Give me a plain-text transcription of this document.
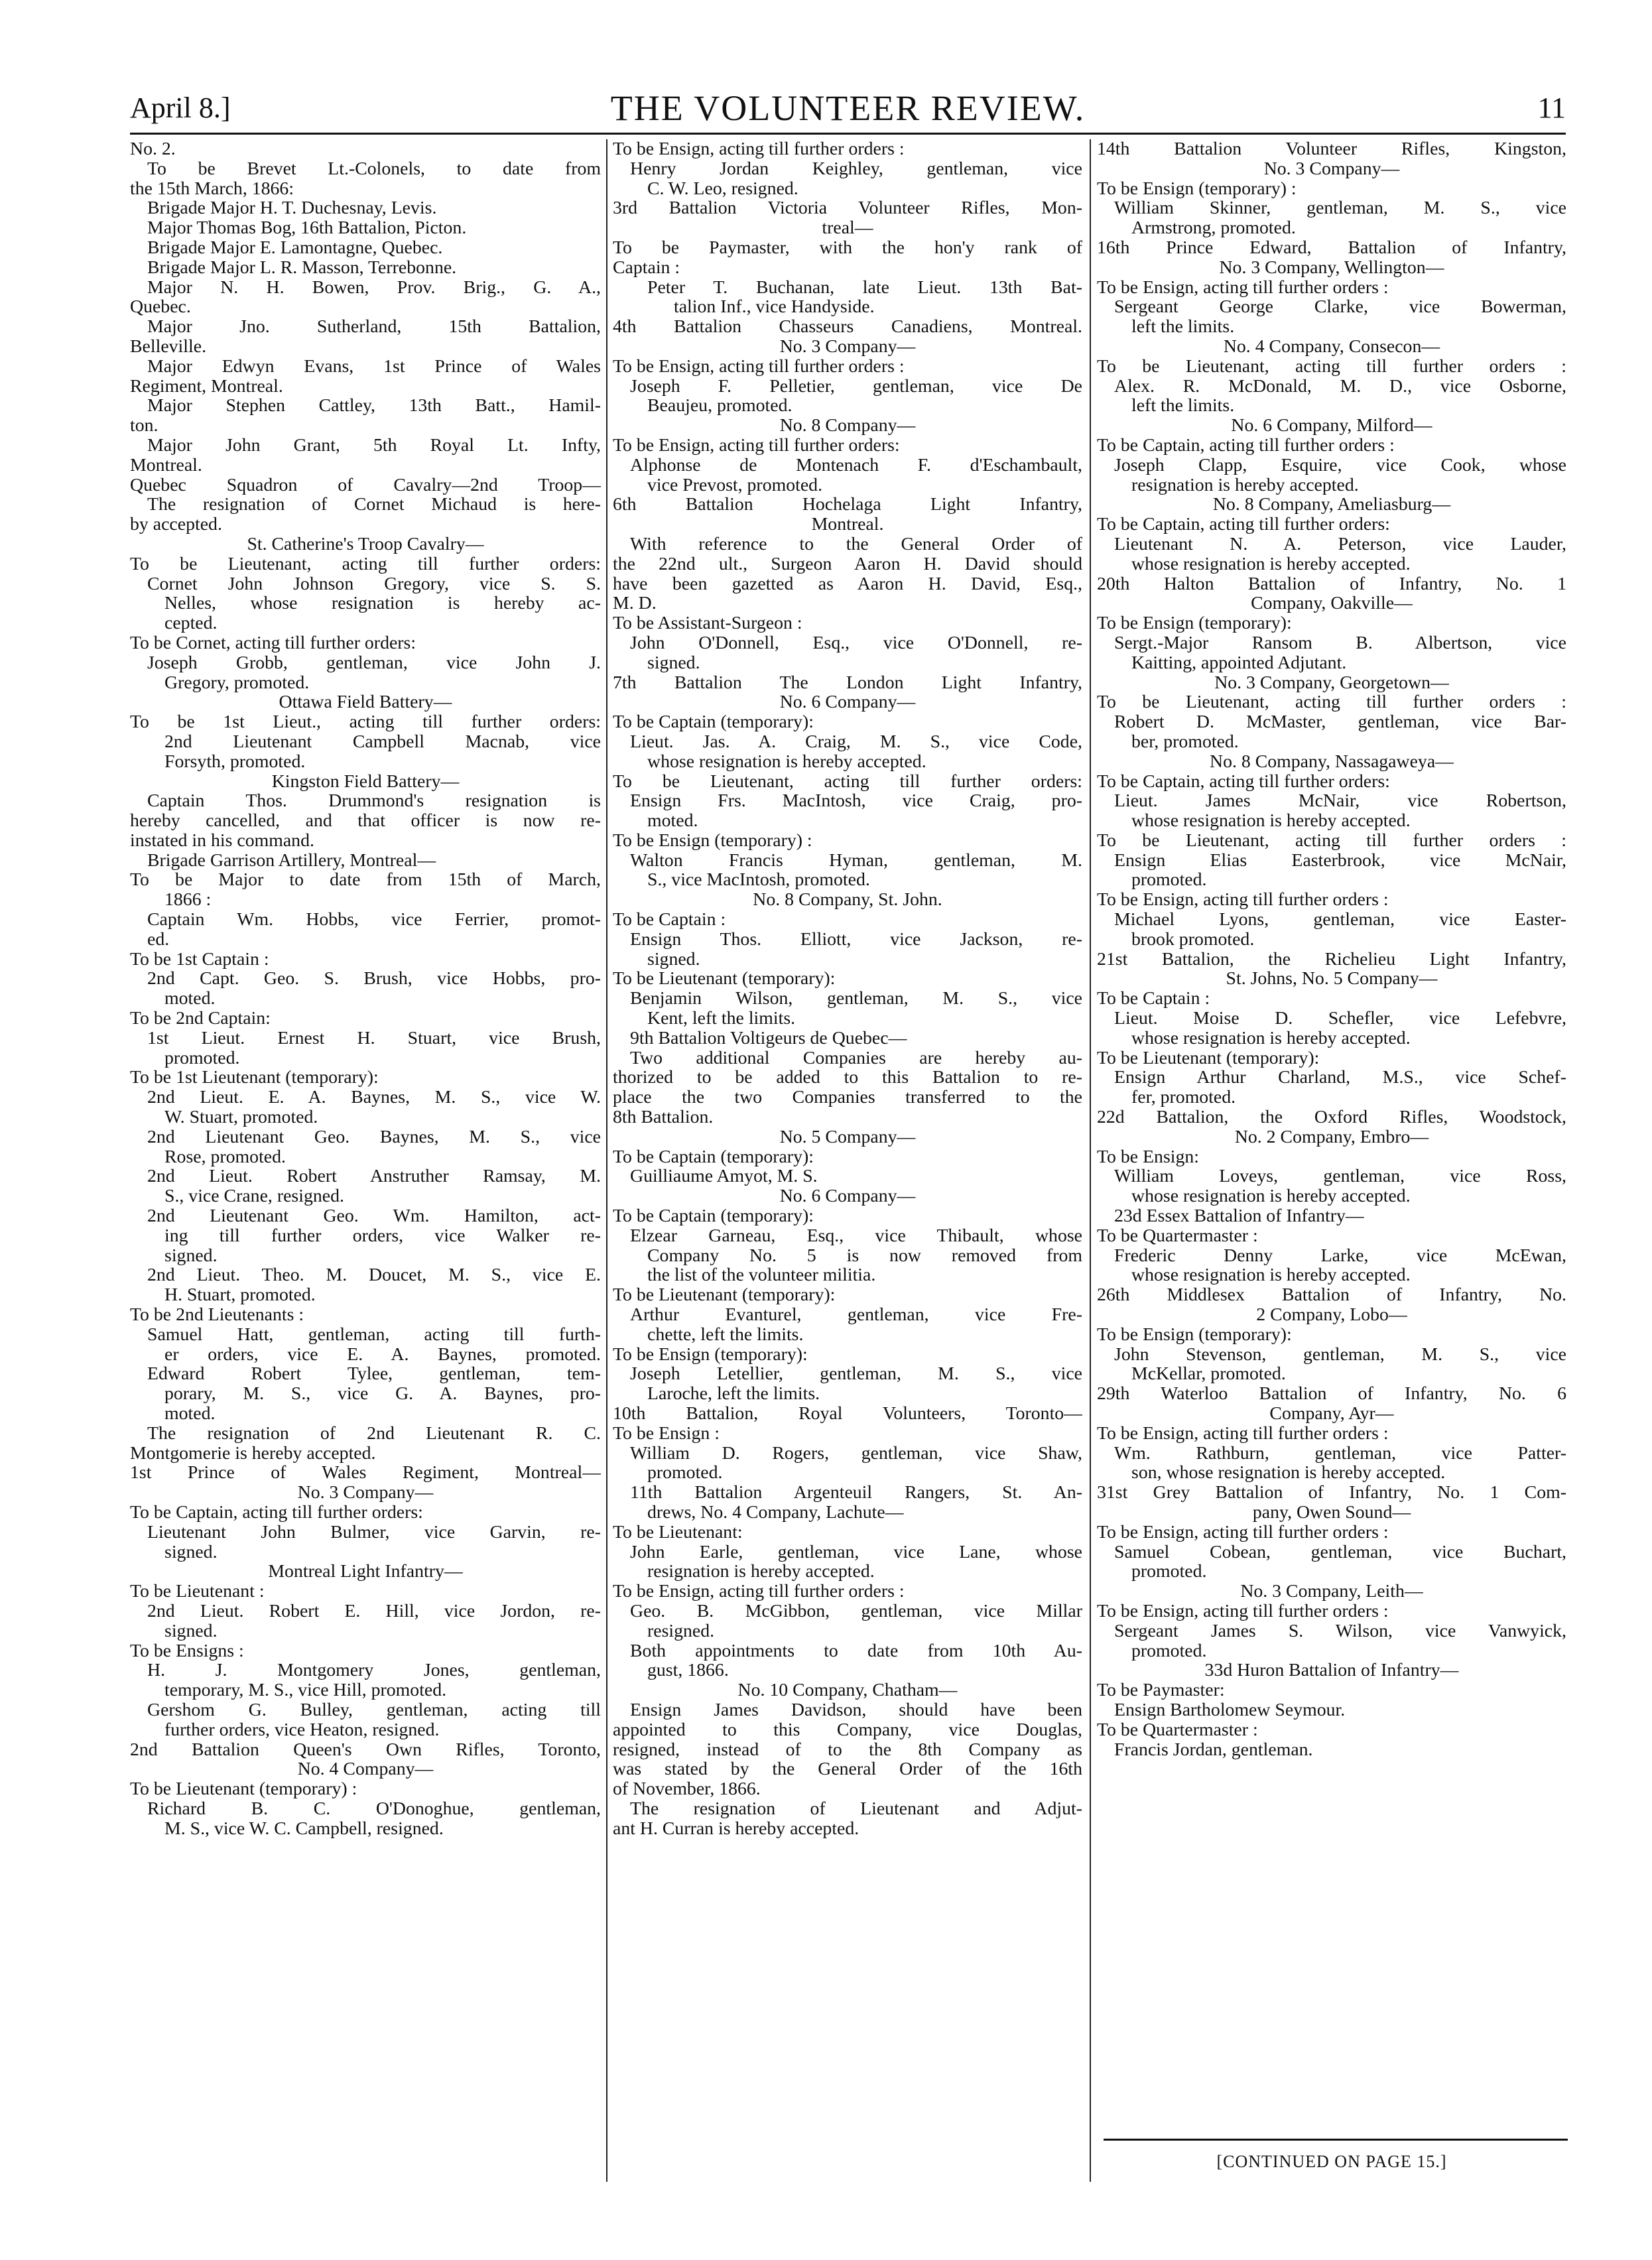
April 8.]	THE VOLUNTEER REVIEW.	11
No. 2.
To be Brevet Lt.-Colonels, to date from
the 15th March, 1866:
Brigade Major H. T. Duchesnay, Levis.
Major Thomas Bog, 16th Battalion, Picton.
Brigade Major E. Lamontagne, Quebec.
Brigade Major L. R. Masson, Terrebonne.
Major N. H. Bowen, Prov. Brig., G. A.,
Quebec.
Major Jno. Sutherland, 15th Battalion,
Belleville.
Major Edwyn Evans, 1st Prince of Wales
Regiment, Montreal.
Major Stephen Cattley, 13th Batt., Hamil-
ton.
Major John Grant, 5th Royal Lt. Infty,
Montreal.
Quebec Squadron of Cavalry—2nd Troop—
The resignation of Cornet Michaud is here-
by accepted.
St. Catherine's Troop Cavalry—
To be Lieutenant, acting till further orders:
Cornet John Johnson Gregory, vice S. S.
Nelles, whose resignation is hereby ac-
cepted.
To be Cornet, acting till further orders:
Joseph Grobb, gentleman, vice John J.
Gregory, promoted.
Ottawa Field Battery—
To be 1st Lieut., acting till further orders:
2nd Lieutenant Campbell Macnab, vice
Forsyth, promoted.
Kingston Field Battery—
Captain Thos. Drummond's resignation is
hereby cancelled, and that officer is now re-
instated in his command.
Brigade Garrison Artillery, Montreal—
To be Major to date from 15th of March,
1866 :
Captain Wm. Hobbs, vice Ferrier, promot-
ed.
To be 1st Captain :
2nd Capt. Geo. S. Brush, vice Hobbs, pro-
moted.
To be 2nd Captain:
1st Lieut. Ernest H. Stuart, vice Brush,
promoted.
To be 1st Lieutenant (temporary):
2nd Lieut. E. A. Baynes, M. S., vice W.
W. Stuart, promoted.
2nd Lieutenant Geo. Baynes, M. S., vice
Rose, promoted.
2nd Lieut. Robert Anstruther Ramsay, M.
S., vice Crane, resigned.
2nd Lieutenant Geo. Wm. Hamilton, act-
ing till further orders, vice Walker re-
signed.
2nd Lieut. Theo. M. Doucet, M. S., vice E.
H. Stuart, promoted.
To be 2nd Lieutenants :
Samuel Hatt, gentleman, acting till furth-
er orders, vice E. A. Baynes, promoted.
Edward Robert Tylee, gentleman, tem-
porary, M. S., vice G. A. Baynes, pro-
moted.
The resignation of 2nd Lieutenant R. C.
Montgomerie is hereby accepted.
1st Prince of Wales Regiment, Montreal—
No. 3 Company—
To be Captain, acting till further orders:
Lieutenant John Bulmer, vice Garvin, re-
signed.
Montreal Light Infantry—
To be Lieutenant :
2nd Lieut. Robert E. Hill, vice Jordon, re-
signed.
To be Ensigns :
H. J. Montgomery Jones, gentleman,
temporary, M. S., vice Hill, promoted.
Gershom G. Bulley, gentleman, acting till
further orders, vice Heaton, resigned.
2nd Battalion Queen's Own Rifles, Toronto,
No. 4 Company—
To be Lieutenant (temporary) :
Richard B. C. O'Donoghue, gentleman,
M. S., vice W. C. Campbell, resigned.
To be Ensign, acting till further orders :
Henry Jordan Keighley, gentleman, vice
C. W. Leo, resigned.
3rd Battalion Victoria Volunteer Rifles, Mon-
treal—
To be Paymaster, with the hon'y rank of
Captain :
Peter T. Buchanan, late Lieut. 13th Bat-
talion Inf., vice Handyside.
4th Battalion Chasseurs Canadiens, Montreal.
No. 3 Company—
To be Ensign, acting till further orders :
Joseph F. Pelletier, gentleman, vice De
Beaujeu, promoted.
No. 8 Company—
To be Ensign, acting till further orders:
Alphonse de Montenach F. d'Eschambault,
vice Prevost, promoted.
6th Battalion Hochelaga Light Infantry,
Montreal.
With reference to the General Order of
the 22nd ult., Surgeon Aaron H. David should
have been gazetted as Aaron H. David, Esq.,
M. D.
To be Assistant-Surgeon :
John O'Donnell, Esq., vice O'Donnell, re-
signed.
7th Battalion The London Light Infantry,
No. 6 Company—
To be Captain (temporary):
Lieut. Jas. A. Craig, M. S., vice Code,
whose resignation is hereby accepted.
To be Lieutenant, acting till further orders:
Ensign Frs. MacIntosh, vice Craig, pro-
moted.
To be Ensign (temporary) :
Walton Francis Hyman, gentleman, M.
S., vice MacIntosh, promoted.
No. 8 Company, St. John.
To be Captain :
Ensign Thos. Elliott, vice Jackson, re-
signed.
To be Lieutenant (temporary):
Benjamin Wilson, gentleman, M. S., vice
Kent, left the limits.
9th Battalion Voltigeurs de Quebec—
Two additional Companies are hereby au-
thorized to be added to this Battalion to re-
place the two Companies transferred to the
8th Battalion.
No. 5 Company—
To be Captain (temporary):
Guilliaume Amyot, M. S.
No. 6 Company—
To be Captain (temporary):
Elzear Garneau, Esq., vice Thibault, whose
Company No. 5 is now removed from
the list of the volunteer militia.
To be Lieutenant (temporary):
Arthur Evanturel, gentleman, vice Fre-
chette, left the limits.
To be Ensign (temporary):
Joseph Letellier, gentleman, M. S., vice
Laroche, left the limits.
10th Battalion, Royal Volunteers, Toronto—
To be Ensign :
William D. Rogers, gentleman, vice Shaw,
promoted.
11th Battalion Argenteuil Rangers, St. An-
drews, No. 4 Company, Lachute—
To be Lieutenant:
John Earle, gentleman, vice Lane, whose
resignation is hereby accepted.
To be Ensign, acting till further orders :
Geo. B. McGibbon, gentleman, vice Millar
resigned.
Both appointments to date from 10th Au-
gust, 1866.
No. 10 Company, Chatham—
Ensign James Davidson, should have been
appointed to this Company, vice Douglas,
resigned, instead of to the 8th Company as
was stated by the General Order of the 16th
of November, 1866.
The resignation of Lieutenant and Adjut-
ant H. Curran is hereby accepted.
14th Battalion Volunteer Rifles, Kingston,
No. 3 Company—
To be Ensign (temporary) :
William Skinner, gentleman, M. S., vice
Armstrong, promoted.
16th Prince Edward, Battalion of Infantry,
No. 3 Company, Wellington—
To be Ensign, acting till further orders :
Sergeant George Clarke, vice Bowerman,
left the limits.
No. 4 Company, Consecon—
To be Lieutenant, acting till further orders :
Alex. R. McDonald, M. D., vice Osborne,
left the limits.
No. 6 Company, Milford—
To be Captain, acting till further orders :
Joseph Clapp, Esquire, vice Cook, whose
resignation is hereby accepted.
No. 8 Company, Ameliasburg—
To be Captain, acting till further orders:
Lieutenant N. A. Peterson, vice Lauder,
whose resignation is hereby accepted.
20th Halton Battalion of Infantry, No. 1
Company, Oakville—
To be Ensign (temporary):
Sergt.-Major Ransom B. Albertson, vice
Kaitting, appointed Adjutant.
No. 3 Company, Georgetown—
To be Lieutenant, acting till further orders :
Robert D. McMaster, gentleman, vice Bar-
ber, promoted.
No. 8 Company, Nassagaweya—
To be Captain, acting till further orders:
Lieut. James McNair, vice Robertson,
whose resignation is hereby accepted.
To be Lieutenant, acting till further orders :
Ensign Elias Easterbrook, vice McNair,
promoted.
To be Ensign, acting till further orders :
Michael Lyons, gentleman, vice Easter-
brook promoted.
21st Battalion, the Richelieu Light Infantry,
St. Johns, No. 5 Company—
To be Captain :
Lieut. Moise D. Schefler, vice Lefebvre,
whose resignation is hereby accepted.
To be Lieutenant (temporary):
Ensign Arthur Charland, M.S., vice Schef-
fer, promoted.
22d Battalion, the Oxford Rifles, Woodstock,
No. 2 Company, Embro—
To be Ensign:
William Loveys, gentleman, vice Ross,
whose resignation is hereby accepted.
23d Essex Battalion of Infantry—
To be Quartermaster :
Frederic Denny Larke, vice McEwan,
whose resignation is hereby accepted.
26th Middlesex Battalion of Infantry, No.
2 Company, Lobo—
To be Ensign (temporary):
John Stevenson, gentleman, M. S., vice
McKellar, promoted.
29th Waterloo Battalion of Infantry, No. 6
Company, Ayr—
To be Ensign, acting till further orders :
Wm. Rathburn, gentleman, vice Patter-
son, whose resignation is hereby accepted.
31st Grey Battalion of Infantry, No. 1 Com-
pany, Owen Sound—
To be Ensign, acting till further orders :
Samuel Cobean, gentleman, vice Buchart,
promoted.
No. 3 Company, Leith—
To be Ensign, acting till further orders :
Sergeant James S. Wilson, vice Vanwyick,
promoted.
33d Huron Battalion of Infantry—
To be Paymaster:
Ensign Bartholomew Seymour.
To be Quartermaster :
Francis Jordan, gentleman.
[CONTINUED ON PAGE 15.]
